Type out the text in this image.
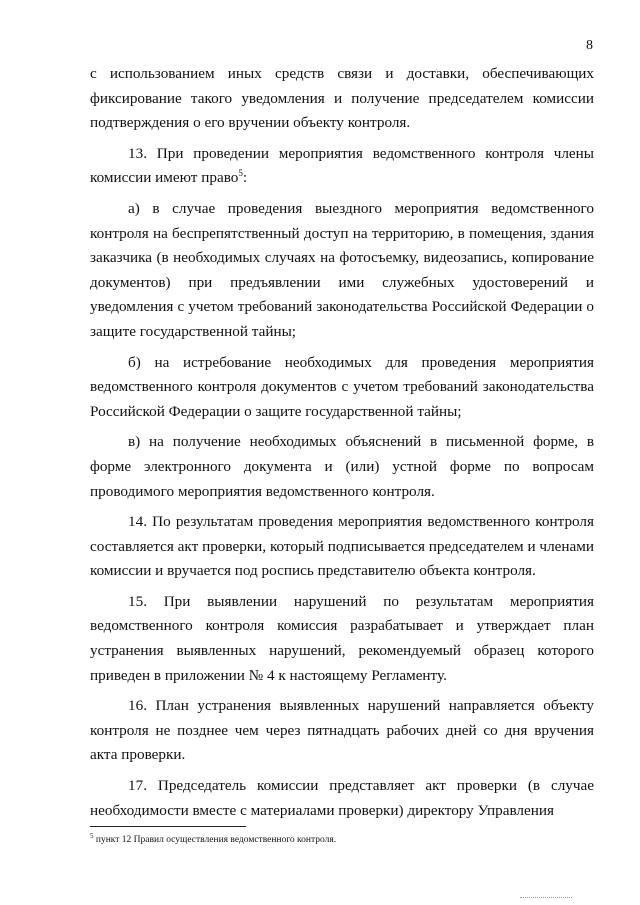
8

с использованием иных средств связи и доставки, обеспечивающих фиксирование такого уведомления и получение председателем комиссии подтверждения о его вручении объекту контроля.

13. При проведении мероприятия ведомственного контроля члены комиссии имеют право$^5$:

а) в случае проведения выездного мероприятия ведомственного контроля на беспрепятственный доступ на территорию, в помещения, здания заказчика (в необходимых случаях на фотосъемку, видеозапись, копирование документов) при предъявлении ими служебных удостоверений и уведомления с учетом требований законодательства Российской Федерации о защите государственной тайны;

б) на истребование необходимых для проведения мероприятия ведомственного контроля документов с учетом требований законодательства Российской Федерации о защите государственной тайны;

в) на получение необходимых объяснений в письменной форме, в форме электронного документа и (или) устной форме по вопросам проводимого мероприятия ведомственного контроля.

14. По результатам проведения мероприятия ведомственного контроля составляется акт проверки, который подписывается председателем и членами комиссии и вручается под роспись представителю объекта контроля.

15. При выявлении нарушений по результатам мероприятия ведомственного контроля комиссия разрабатывает и утверждает план устранения выявленных нарушений, рекомендуемый образец которого приведен в приложении № 4 к настоящему Регламенту.

16. План устранения выявленных нарушений направляется объекту контроля не позднее чем через пятнадцать рабочих дней со дня вручения акта проверки.

17. Председатель комиссии представляет акт проверки (в случае необходимости вместе с материалами проверки) директору Управления

$^5$ пункт 12 Правил осуществления ведомственного контроля.
